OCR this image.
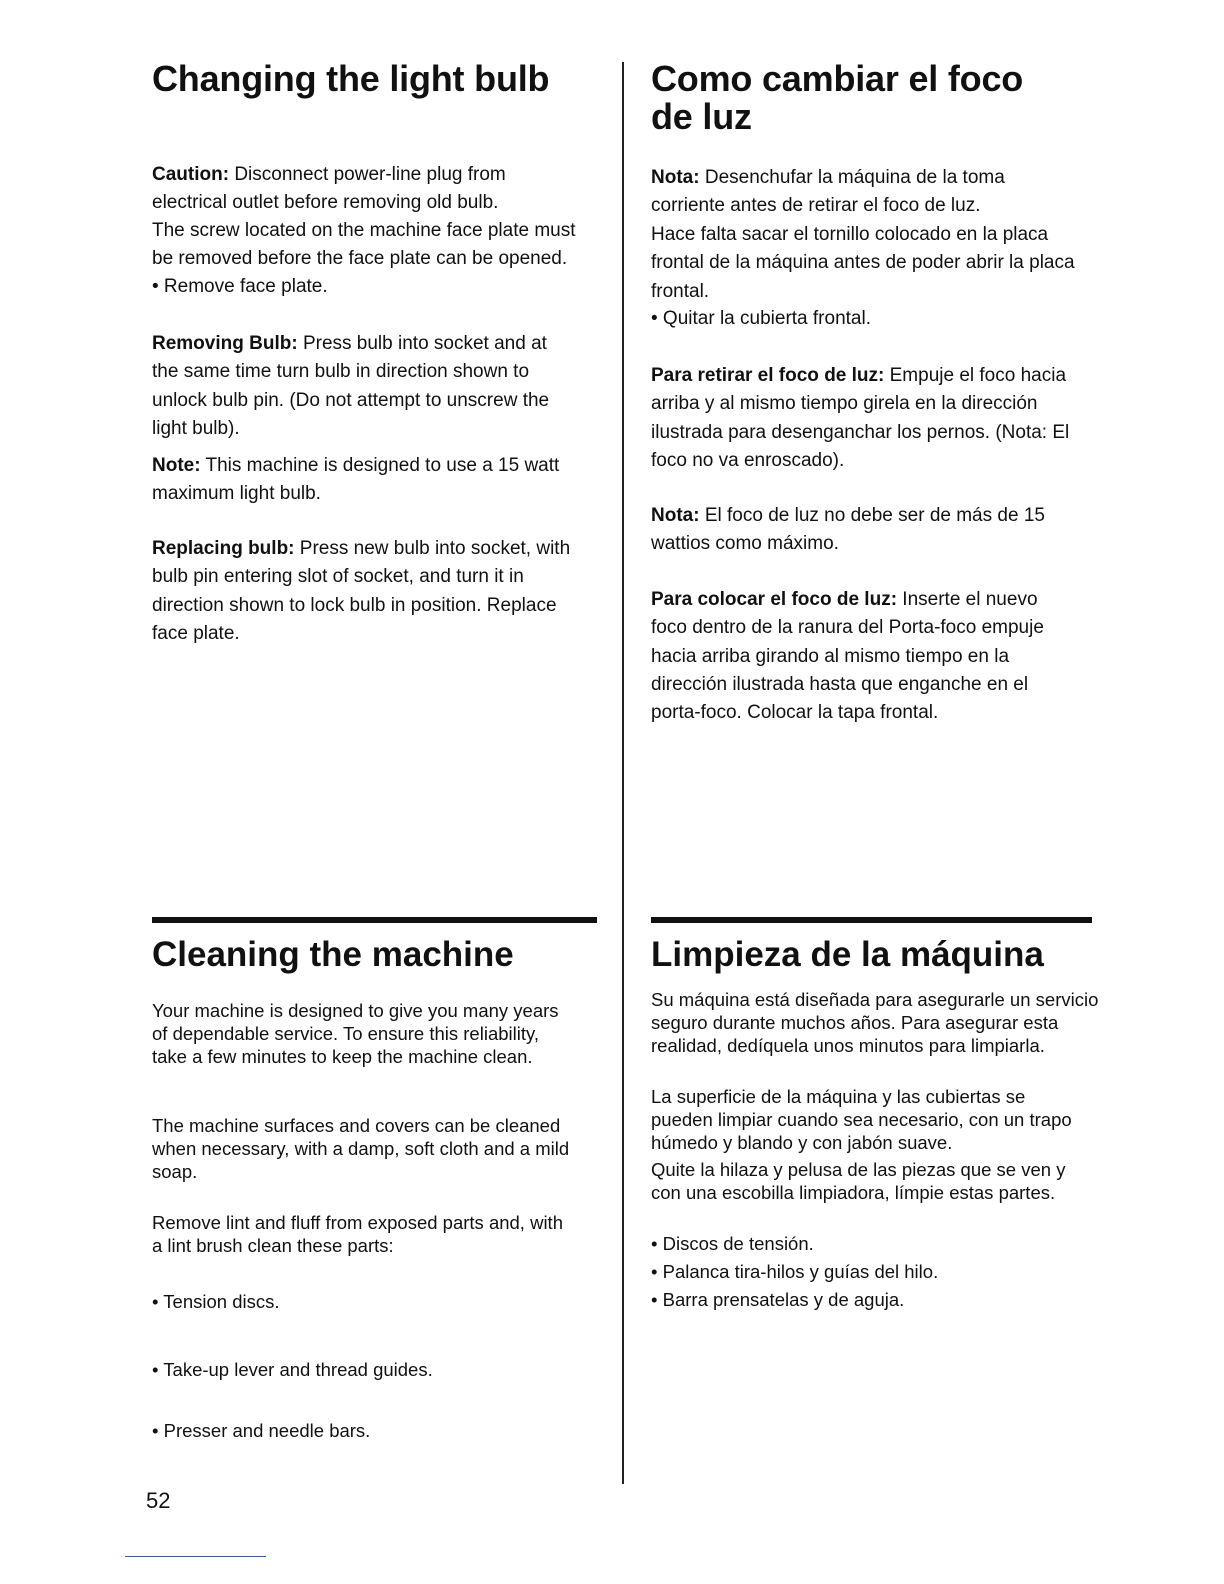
Changing the light bulb

Caution: Disconnect power-line plug from electrical outlet before removing old bulb.

The screw located on the machine face plate must be removed before the face plate can be opened.

• Remove face plate.

Removing Bulb: Press bulb into socket and at the same time turn bulb in direction shown to unlock bulb pin. (Do not attempt to unscrew the light bulb).

Note: This machine is designed to use a 15 watt maximum light bulb.

Replacing bulb: Press new bulb into socket, with bulb pin entering slot of socket, and turn it in direction shown to lock bulb in position. Replace face plate.

Como cambiar el foco de luz

Nota: Desenchufar la máquina de la toma corriente antes de retirar el foco de luz.

Hace falta sacar el tornillo colocado en la placa frontal de la máquina antes de poder abrir la placa frontal.

• Quitar la cubierta frontal.

Para retirar el foco de luz: Empuje el foco hacia arriba y al mismo tiempo girela en la dirección ilustrada para desenganchar los pernos. (Nota: El foco no va enroscado).

Nota: El foco de luz no debe ser de más de 15 wattios como máximo.

Para colocar el foco de luz: Inserte el nuevo foco dentro de la ranura del Porta-foco empuje hacia arriba girando al mismo tiempo en la dirección ilustrada hasta que enganche en el porta-foco. Colocar la tapa frontal.

Cleaning the machine

Your machine is designed to give you many years of dependable service. To ensure this reliability, take a few minutes to keep the machine clean.

The machine surfaces and covers can be cleaned when necessary, with a damp, soft cloth and a mild soap.

Remove lint and fluff from exposed parts and, with a lint brush clean these parts:

• Tension discs.

• Take-up lever and thread guides.

• Presser and needle bars.

Limpieza de la máquina

Su máquina está diseñada para asegurarle un servicio seguro durante muchos años. Para asegurar esta realidad, dedíquela unos minutos para limpiarla.

La superficie de la máquina y las cubiertas se pueden limpiar cuando sea necesario, con un trapo húmedo y blando y con jabón suave.

Quite la hilaza y pelusa de las piezas que se ven y con una escobilla limpiadora, límpie estas partes.

• Discos de tensión.

• Palanca tira-hilos y guías del hilo.

• Barra prensatelas y de aguja.

52
